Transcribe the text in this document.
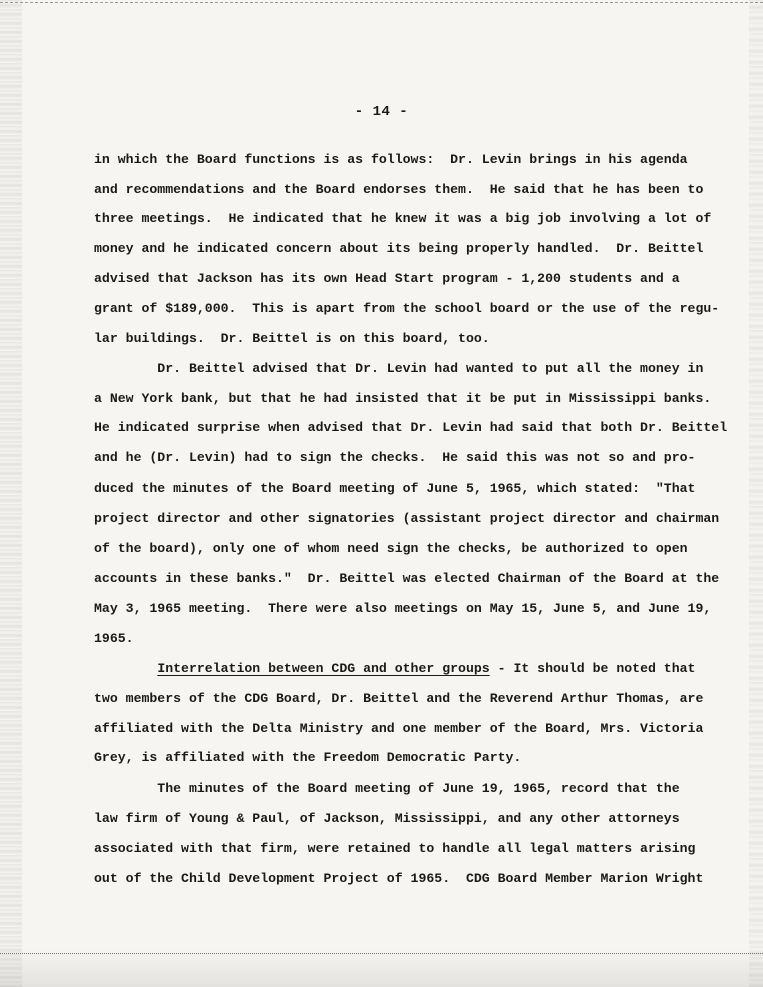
- 14 -
in which the Board functions is as follows:  Dr. Levin brings in his agenda
and recommendations and the Board endorses them.  He said that he has been to
three meetings.  He indicated that he knew it was a big job involving a lot of
money and he indicated concern about its being properly handled.  Dr. Beittel
advised that Jackson has its own Head Start program - 1,200 students and a
grant of $189,000.  This is apart from the school board or the use of the regu-
lar buildings.  Dr. Beittel is on this board, too.
Dr. Beittel advised that Dr. Levin had wanted to put all the money in
a New York bank, but that he had insisted that it be put in Mississippi banks.
He indicated surprise when advised that Dr. Levin had said that both Dr. Beittel
and he (Dr. Levin) had to sign the checks.  He said this was not so and pro-
duced the minutes of the Board meeting of June 5, 1965, which stated:  "That
project director and other signatories (assistant project director and chairman
of the board), only one of whom need sign the checks, be authorized to open
accounts in these banks."  Dr. Beittel was elected Chairman of the Board at the
May 3, 1965 meeting.  There were also meetings on May 15, June 5, and June 19,
1965.
Interrelation between CDG and other groups - It should be noted that
two members of the CDG Board, Dr. Beittel and the Reverend Arthur Thomas, are
affiliated with the Delta Ministry and one member of the Board, Mrs. Victoria
Grey, is affiliated with the Freedom Democratic Party.
The minutes of the Board meeting of June 19, 1965, record that the
law firm of Young & Paul, of Jackson, Mississippi, and any other attorneys
associated with that firm, were retained to handle all legal matters arising
out of the Child Development Project of 1965.  CDG Board Member Marion Wright
